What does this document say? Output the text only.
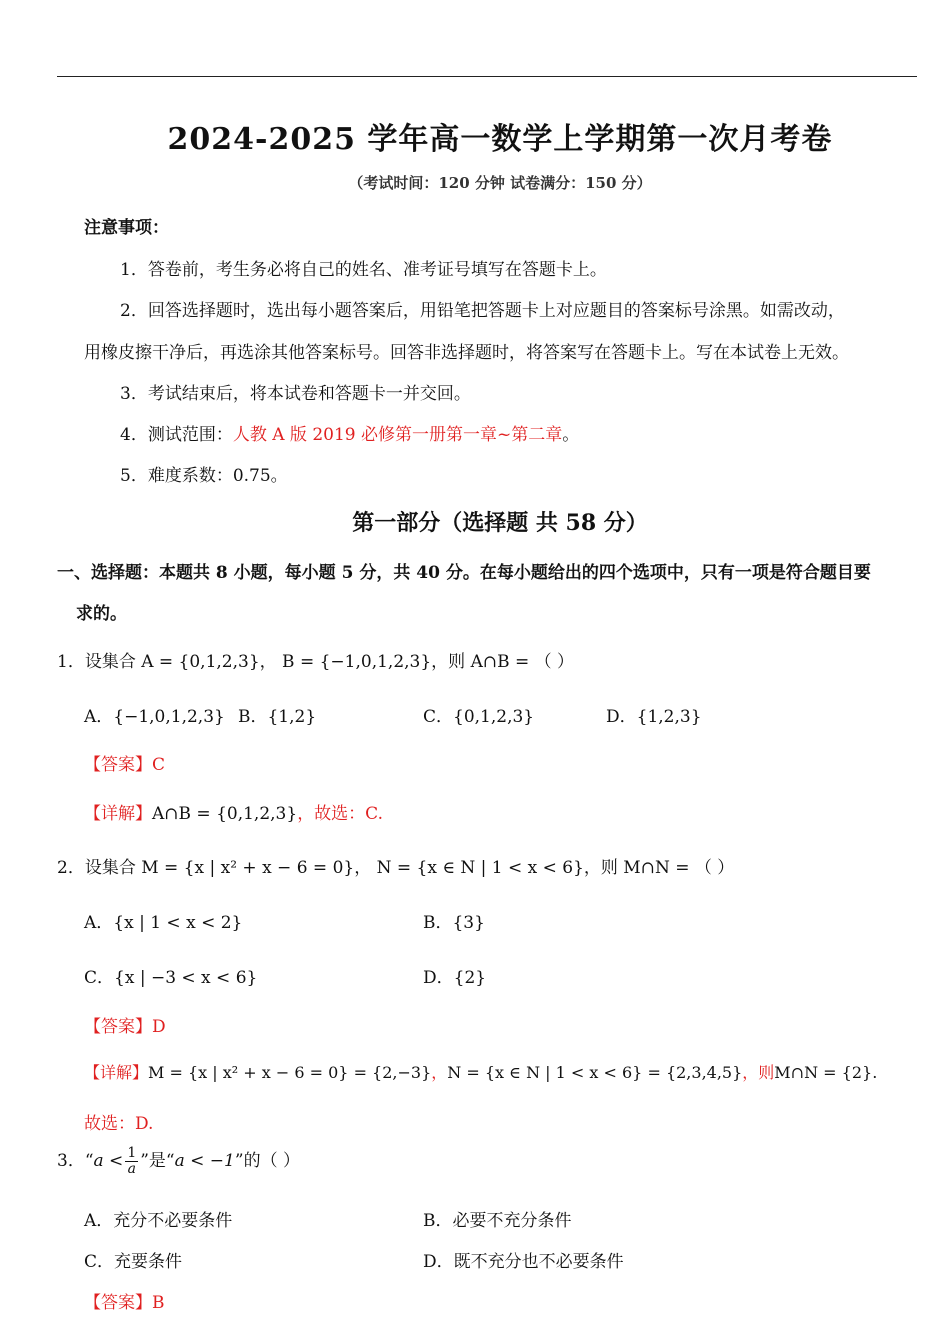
2024-2025 学年高一数学上学期第一次月考卷
（考试时间：120 分钟 试卷满分：150 分）
注意事项：
1．答卷前，考生务必将自己的姓名、准考证号填写在答题卡上。
2．回答选择题时，选出每小题答案后，用铅笔把答题卡上对应题目的答案标号涂黑。如需改动，
用橡皮擦干净后，再选涂其他答案标号。回答非选择题时，将答案写在答题卡上。写在本试卷上无效。
3．考试结束后，将本试卷和答题卡一并交回。
4．测试范围：人教 A 版 2019 必修第一册第一章~第二章。
5．难度系数：0.75。
第一部分（选择题 共 58 分）
一、选择题：本题共 8 小题，每小题 5 分，共 40 分。在每小题给出的四个选项中，只有一项是符合题目要
求的。
1．设集合 A = {0,1,2,3}， B = {−1,0,1,2,3}，则 A∩B = （ ）
A．{−1,0,1,2,3} B．{1,2}	C．{0,1,2,3}	D．{1,2,3}
【答案】C
【详解】A∩B = {0,1,2,3}，故选：C.
2．设集合 M = {x | x² + x − 6 = 0}， N = {x ∈ N | 1 < x < 6}，则 M∩N = （ ）
A．{x | 1 < x < 2}	B．{3}
C．{x | −3 < x < 6}	D．{2}
【答案】D
【详解】M = {x | x² + x − 6 = 0} = {2,−3}，N = {x ∈ N | 1 < x < 6} = {2,3,4,5}，则M∩N = {2}.
故选：D.
3．“$a < \frac{1}{a}$ ”是“a < −1”的（ ）
A．充分不必要条件	B．必要不充分条件
C．充要条件	D．既不充分也不必要条件
【答案】B
